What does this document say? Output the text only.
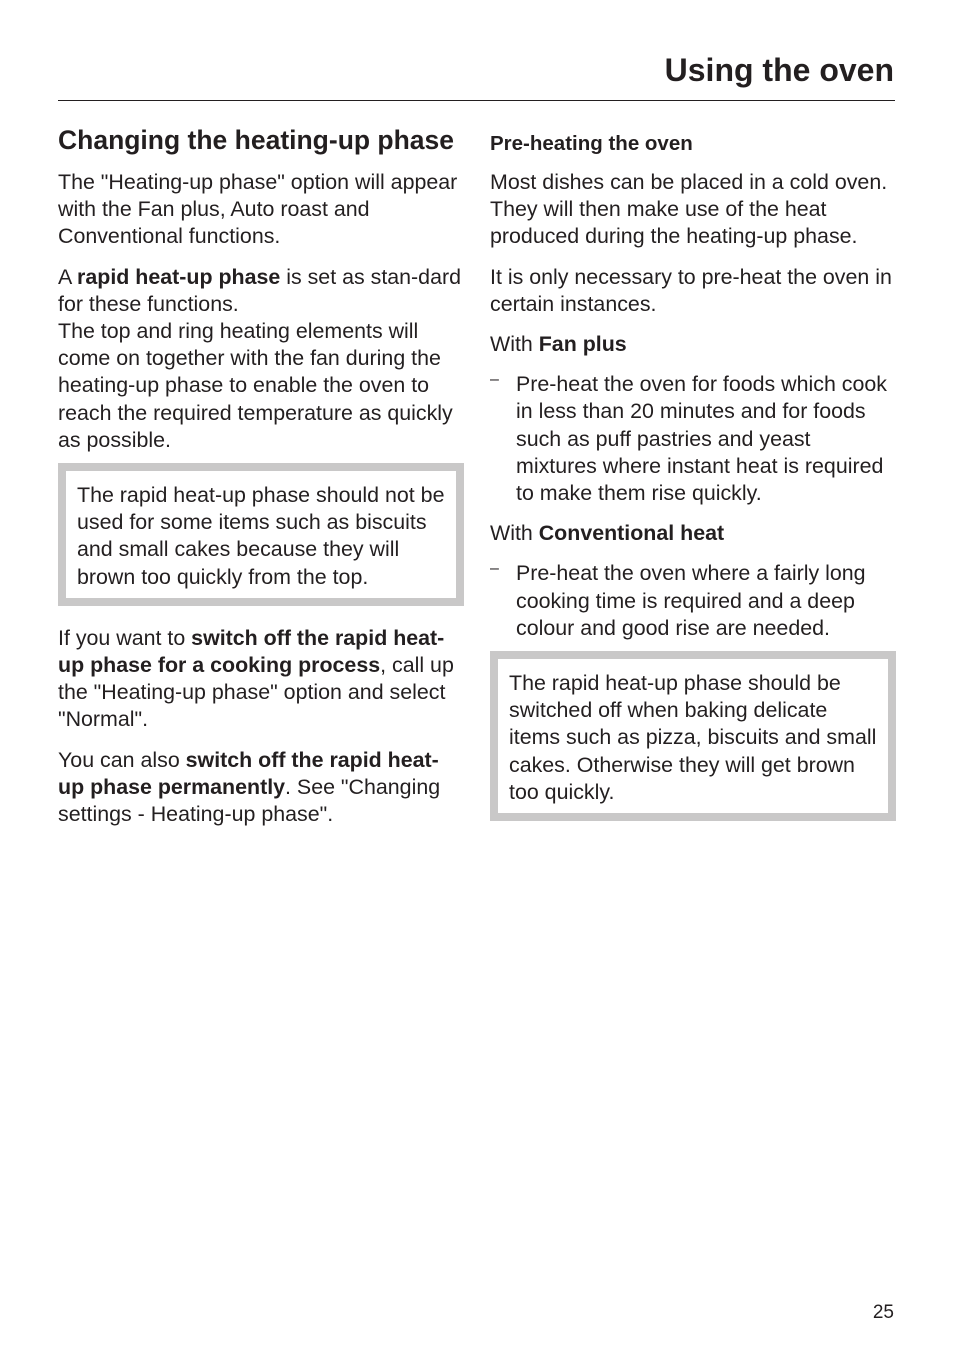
Using the oven
Changing the heating-up phase

The "Heating-up phase" option will appear with the Fan plus, Auto roast and Conventional functions.

A rapid heat-up phase is set as stan-dard for these functions.

The top and ring heating elements will come on together with the fan during the heating-up phase to enable the oven to reach the required temperature as quickly as possible.

The rapid heat-up phase should not be used for some items such as biscuits and small cakes because they will brown too quickly from the top.

If you want to switch off the rapid heat-up phase for a cooking process, call up the "Heating-up phase" option and select "Normal".

You can also switch off the rapid heat-up phase permanently. See "Changing settings - Heating-up phase".

Pre-heating the oven

Most dishes can be placed in a cold oven. They will then make use of the heat produced during the heating-up phase.

It is only necessary to pre-heat the oven in certain instances.

With Fan plus

– Pre-heat the oven for foods which cook in less than 20 minutes and for foods such as puff pastries and yeast mixtures where instant heat is required to make them rise quickly.

With Conventional heat

– Pre-heat the oven where a fairly long cooking time is required and a deep colour and good rise are needed.

The rapid heat-up phase should be switched off when baking delicate items such as pizza, biscuits and small cakes. Otherwise they will get brown too quickly.

25
